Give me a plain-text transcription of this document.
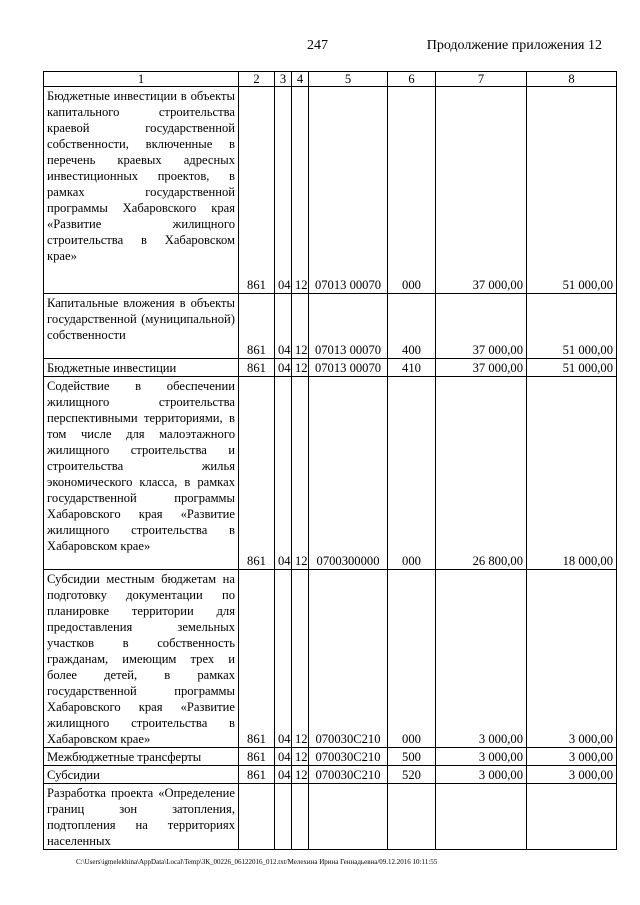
247	Продолжение приложения 12
1	2	3	4	5	6	7	8
Бюджетные инвестиции в объекты капитального строительства краевой государственной собственности, включенные в перечень краевых адресных инвестиционных проектов, в рамках государственной программы Хабаровского края «Развитие жилищного строительства в Хабаровском крае»	861	04	12	07013 00070	000	37 000,00	51 000,00
Капитальные вложения в объекты государственной (муниципальной) собственности	861	04	12	07013 00070	400	37 000,00	51 000,00
Бюджетные инвестиции	861	04	12	07013 00070	410	37 000,00	51 000,00
Содействие в обеспечении жилищного строительства перспективными территориями, в том числе для малоэтажного жилищного строительства и строительства жилья экономического класса, в рамках государственной программы Хабаровского края «Развитие жилищного строительства в Хабаровском крае»	861	04	12	0700300000	000	26 800,00	18 000,00
Субсидии местным бюджетам на подготовку документации по планировке территории для предоставления земельных участков в собственность гражданам, имеющим трех и более детей, в рамках государственной программы Хабаровского края «Развитие жилищного строительства в Хабаровском крае»	861	04	12	070030С210	000	3 000,00	3 000,00
Межбюджетные трансферты	861	04	12	070030С210	500	3 000,00	3 000,00
Субсидии	861	04	12	070030С210	520	3 000,00	3 000,00
Разработка проекта «Определение границ зон затопления, подтопления на территориях населенных							
C:\Users\igmelekhina\AppData\Local\Temp\ЗК_00226_06122016_012.txt/Мелехина Ирина Геннадьевна/09.12.2016 10:11:55
